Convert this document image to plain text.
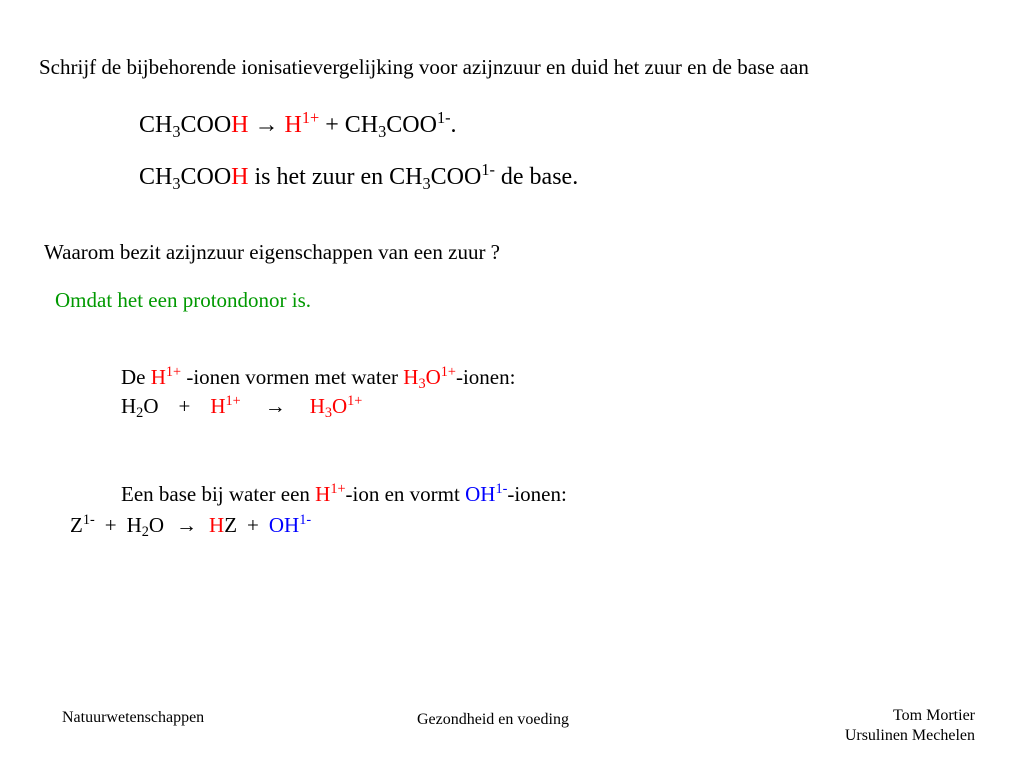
Schrijf de bijbehorende ionisatievergelijking voor azijnzuur en duid het zuur en de base aan
$CH_3COOH \to H^{1+} + CH_3COO^{1-}$.
$CH_3COOH$ is het zuur en $CH_3COO^{1-}$ de base.
Waarom bezit azijnzuur eigenschappen van een zuur ?
Omdat het een protondonor is.
De $H^{1+}$ -ionen vormen met water $H_3O^{1+}$-ionen:
$H_2O + H^{1+} \to H_3O^{1+}$
Een base bij water een $H^{1+}$-ion en vormt $OH^{1-}$-ionen:
$Z^{1-} + H_2O$ → HZ + $OH^{1-}$
Natuurwetenschappen	Gezondheid en voeding	Tom Mortier
Ursulinen Mechelen
